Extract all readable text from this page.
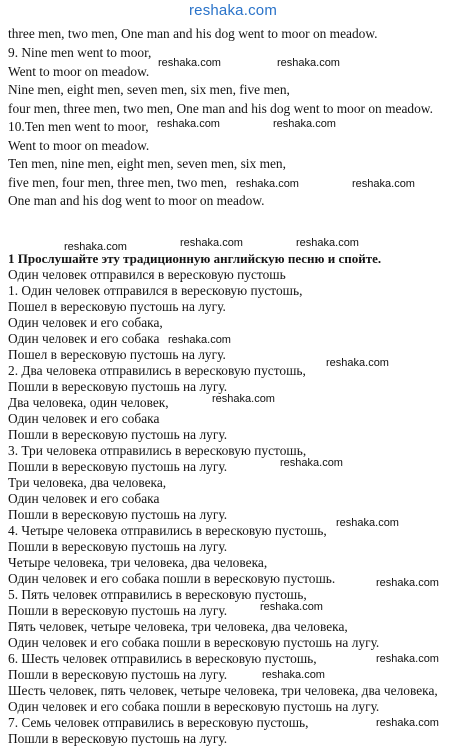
reshaka.com
three men, two men, One man and his dog went to moor on meadow.
9. Nine men went to moor,
Went to moor on meadow.
Nine men, eight men, seven men, six men, five men,
four men, three men, two men, One man and his dog went to moor on meadow.
10.Ten men went to moor,
Went to moor on meadow.
Ten men, nine men, eight men, seven men, six men,
five men, four men, three men, two men,
One man and his dog went to moor on meadow.
1 Прослушайте эту традиционную английскую песню и спойте.
Один человек отправился в вересковую пустошь
1. Один человек отправился в вересковую пустошь,
Пошел в вересковую пустошь на лугу.
Один человек и его собака,
Один человек и его собака
Пошел в вересковую пустошь на лугу.
2. Два человека отправились в вересковую пустошь,
Пошли в вересковую пустошь на лугу.
Два человека, один человек,
Один человек и его собака
Пошли в вересковую пустошь на лугу.
3. Три человека отправились в вересковую пустошь,
Пошли в вересковую пустошь на лугу.
Три человека, два человека,
Один человек и его собака
Пошли в вересковую пустошь на лугу.
4. Четыре человека отправились в вересковую пустошь,
Пошли в вересковую пустошь на лугу.
Четыре человека, три человека, два человека,
Один человек и его собака пошли в вересковую пустошь.
5. Пять человек отправились в вересковую пустошь,
Пошли в вересковую пустошь на лугу.
Пять человек, четыре человека, три человека, два человека,
Один человек и его собака пошли в вересковую пустошь на лугу.
6. Шесть человек отправились в вересковую пустошь,
Пошли в вересковую пустошь на лугу.
Шесть человек, пять человек, четыре человека, три человека, два человека,
Один человек и его собака пошли в вересковую пустошь на лугу.
7. Семь человек отправились в вересковую пустошь,
Пошли в вересковую пустошь на лугу.
reshaka.com	reshaka.com
reshaka.com	reshaka.com
reshaka.com	reshaka.com
reshaka.com	reshaka.com	reshaka.com
reshaka.com
reshaka.com
reshaka.com
reshaka.com
reshaka.com
reshaka.com
reshaka.com
reshaka.com
reshaka.com
reshaka.com
